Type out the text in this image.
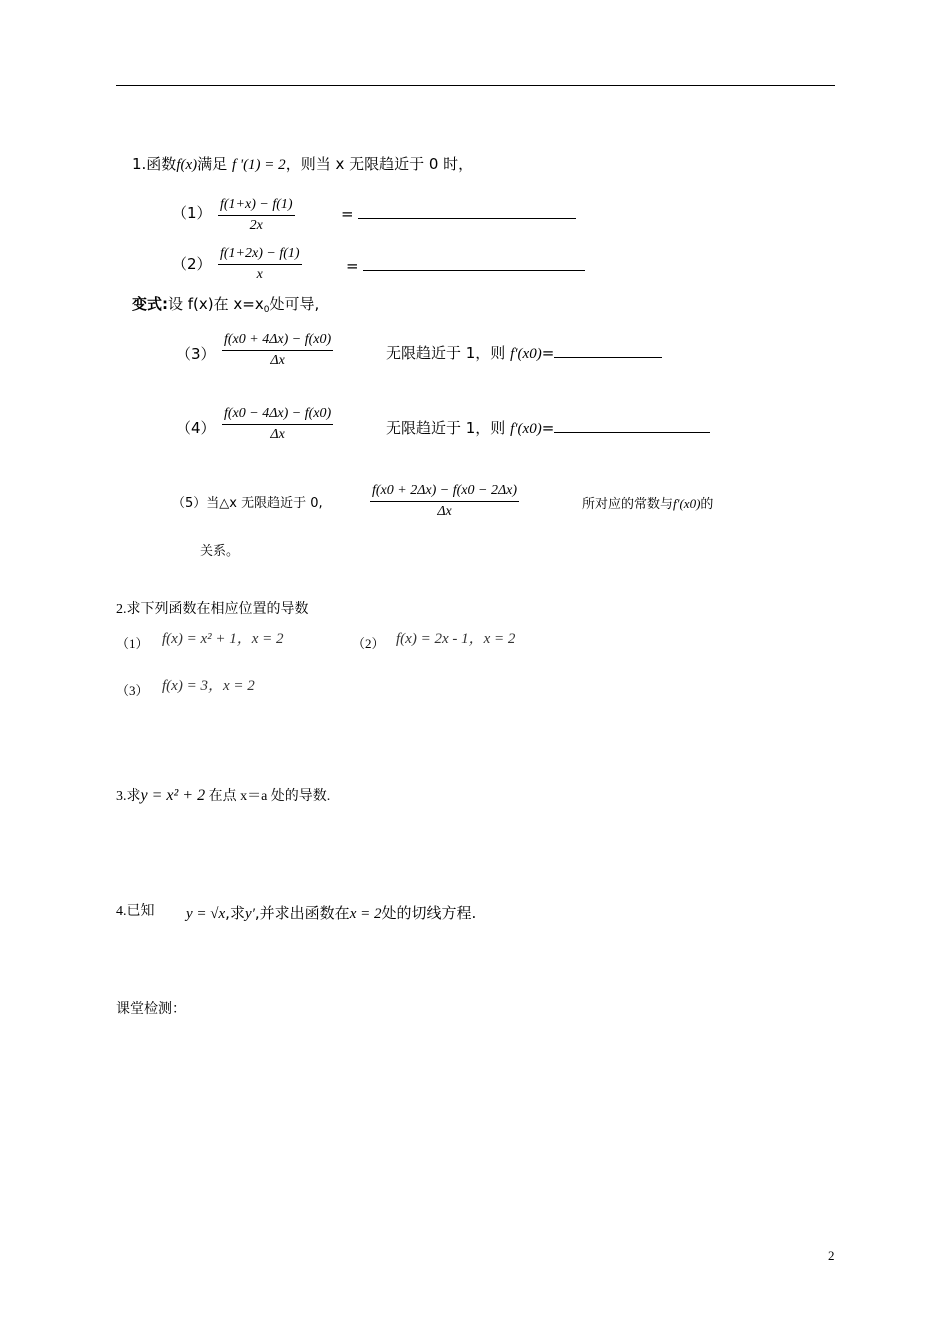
1.函数f(x)满足 f '(1) = 2，则当 x 无限趋近于 0 时，
（1） f(1+x) − f(1)
2x
=
（2）
f(1+2x) − f(1)
x	=
变式:设 f(x)在 $x=x_0$处可导,
（3）
f(x0 + 4Δx) − f(x0)
Δx	无限趋近于 1，则 f′(x0)=
（4）
f(x0 − 4Δx) − f(x0)
Δx	无限趋近于 1，则 f′(x0)=
（5）当△x 无限趋近于 0,
f(x0 + 2Δx) − f(x0 − 2Δx)
Δx	所对应的常数与f′(x0)的
关系。
2.求下列函数在相应位置的导数
（1） f(x) = x² + 1，x = 2	（2） f(x) = 2x - 1，x = 2
（3） f(x) = 3，x = 2
3.求y = x² + 2 在点 x＝a 处的导数.
4.已知 y = √x,求y′,并求出函数在x = 2处的切线方程.
课堂检测：
2
